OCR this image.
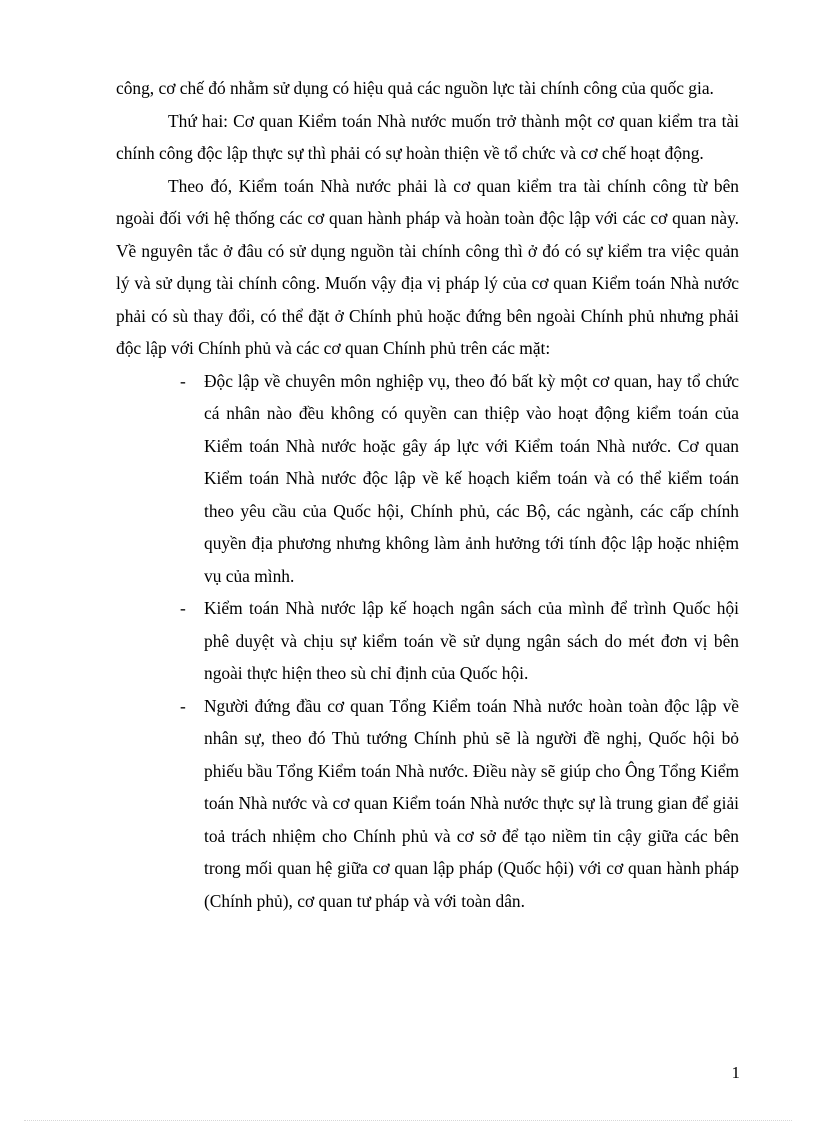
công, cơ chế đó nhằm sử dụng có hiệu quả các nguồn lực tài chính công của quốc gia.

Thứ hai: Cơ quan Kiểm toán Nhà nước muốn trở thành một cơ quan kiểm tra tài chính công độc lập thực sự thì phải có sự hoàn thiện về tổ chức và cơ chế hoạt động.

Theo đó, Kiểm toán Nhà nước phải là cơ quan kiểm tra tài chính công từ bên ngoài đối với hệ thống các cơ quan hành pháp và hoàn toàn độc lập với các cơ quan này. Về nguyên tắc ở đâu có sử dụng nguồn tài chính công thì ở đó có sự kiểm tra việc quản lý và sử dụng tài chính công. Muốn vậy địa vị pháp lý của cơ quan Kiểm toán Nhà nước phải có sù thay đổi, có thể đặt ở Chính phủ hoặc đứng bên ngoài Chính phủ nhưng phải độc lập với Chính phủ và các cơ quan Chính phủ trên các mặt:

- Độc lập về chuyên môn nghiệp vụ, theo đó bất kỳ một cơ quan, hay tổ chức cá nhân nào đều không có quyền can thiệp vào hoạt động kiểm toán của Kiểm toán Nhà nước hoặc gây áp lực với Kiểm toán Nhà nước. Cơ quan Kiểm toán Nhà nước độc lập về kế hoạch kiểm toán và có thể kiểm toán theo yêu cầu của Quốc hội, Chính phủ, các Bộ, các ngành, các cấp chính quyền địa phương nhưng không làm ảnh hưởng tới tính độc lập hoặc nhiệm vụ của mình.
- Kiểm toán Nhà nước lập kế hoạch ngân sách của mình để trình Quốc hội phê duyệt và chịu sự kiểm toán về sử dụng ngân sách do mét đơn vị bên ngoài thực hiện theo sù chỉ định của Quốc hội.
- Người đứng đầu cơ quan Tổng Kiểm toán Nhà nước hoàn toàn độc lập về nhân sự, theo đó Thủ tướng Chính phủ sẽ là người đề nghị, Quốc hội bỏ phiếu bầu Tổng Kiểm toán Nhà nước. Điều này sẽ giúp cho Ông Tổng Kiểm toán Nhà nước và cơ quan Kiểm toán Nhà nước thực sự là trung gian để giải toả trách nhiệm cho Chính phủ và cơ sở để tạo niềm tin cậy giữa các bên trong mối quan hệ giữa cơ quan lập pháp (Quốc hội) với cơ quan hành pháp (Chính phủ), cơ quan tư pháp và với toàn dân.
1
